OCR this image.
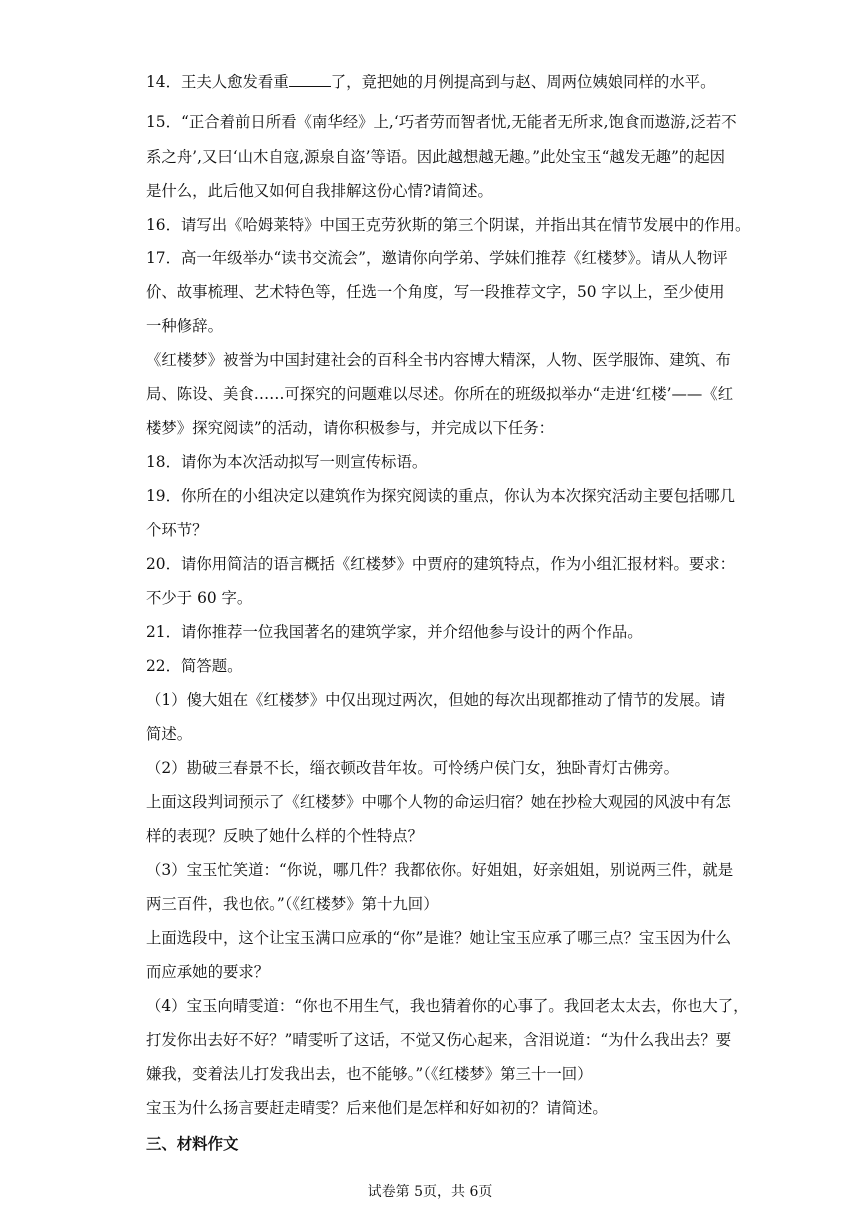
14．王夫人愈发看重	了，竟把她的月例提高到与赵、周两位姨娘同样的水平。
15．“正合着前日所看《南华经》上,‘巧者劳而智者忧,无能者无所求,饱食而遨游,泛若不
系之舟’,又曰‘山木自寇,源泉自盗’等语。因此越想越无趣。”此处宝玉“越发无趣”的起因
是什么，此后他又如何自我排解这份心情?请简述。
16．请写出《哈姆莱特》中国王克劳狄斯的第三个阴谋，并指出其在情节发展中的作用。
17．高一年级举办“读书交流会”，邀请你向学弟、学妹们推荐《红楼梦》。请从人物评
价、故事梳理、艺术特色等，任选一个角度，写一段推荐文字，50 字以上，至少使用
一种修辞。
《红楼梦》被誉为中国封建社会的百科全书内容博大精深，人物、医学服饰、建筑、布
局、陈设、美食……可探究的问题难以尽述。你所在的班级拟举办“走进‘红楼’——《红
楼梦》探究阅读”的活动，请你积极参与，并完成以下任务：
18．请你为本次活动拟写一则宣传标语。
19．你所在的小组决定以建筑作为探究阅读的重点，你认为本次探究活动主要包括哪几
个环节？
20．请你用简洁的语言概括《红楼梦》中贾府的建筑特点，作为小组汇报材料。要求：
不少于 60 字。
21．请你推荐一位我国著名的建筑学家，并介绍他参与设计的两个作品。
22．简答题。
（1）傻大姐在《红楼梦》中仅出现过两次，但她的每次出现都推动了情节的发展。请
简述。
（2）勘破三春景不长，缁衣顿改昔年妆。可怜绣户侯门女，独卧青灯古佛旁。
上面这段判词预示了《红楼梦》中哪个人物的命运归宿？她在抄检大观园的风波中有怎
样的表现？反映了她什么样的个性特点？
（3）宝玉忙笑道：“你说，哪几件？我都依你。好姐姐，好亲姐姐，别说两三件，就是
两三百件，我也依。”（《红楼梦》第十九回）
上面选段中，这个让宝玉满口应承的“你”是谁？她让宝玉应承了哪三点？宝玉因为什么
而应承她的要求？
（4）宝玉向晴雯道：“你也不用生气，我也猜着你的心事了。我回老太太去，你也大了，
打发你出去好不好？”晴雯听了这话，不觉又伤心起来，含泪说道：“为什么我出去？要
嫌我，变着法儿打发我出去，也不能够。”（《红楼梦》第三十一回）
宝玉为什么扬言要赶走晴雯？后来他们是怎样和好如初的？请简述。
三、材料作文
试卷第 5页，共 6页
